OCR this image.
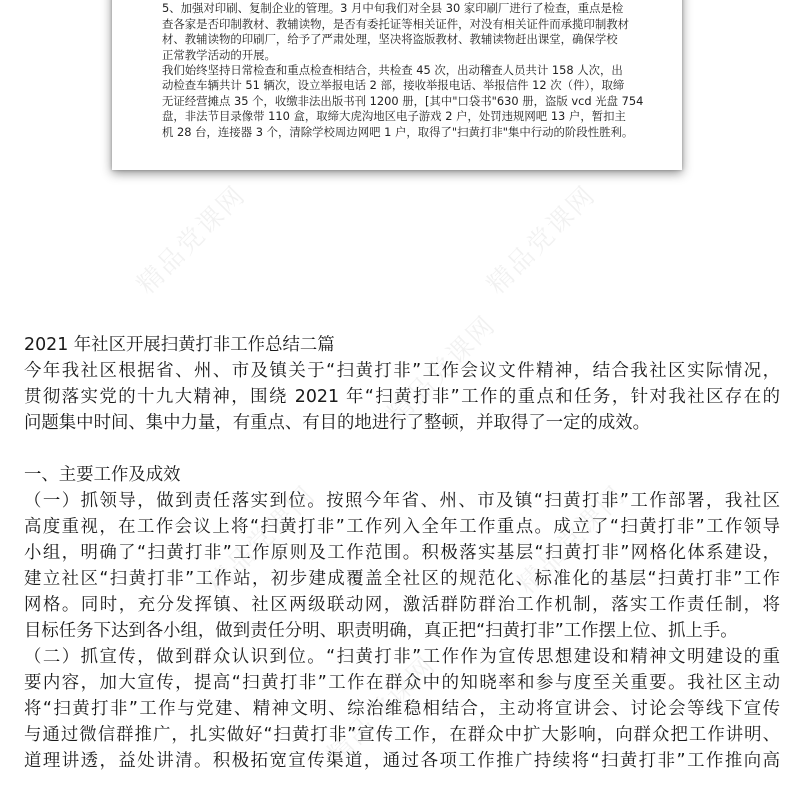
精品党课网	精品党课网
精品党课网
精品党课网	精品党课网
精品党课网

5、加强对印刷、复制企业的管理。3 月中旬我们对全县 30 家印刷厂进行了检查，重点是检

查各家是否印制教材、教辅读物，是否有委托证等相关证件，对没有相关证件而承揽印制教材

材、教辅读物的印刷厂，给予了严肃处理，坚决将盗版教材、教辅读物赶出课堂，确保学校

正常教学活动的开展。

我们始终坚持日常检查和重点检查相结合，共检查 45 次，出动稽查人员共计 158 人次，出

动检查车辆共计 51 辆次，设立举报电话 2 部，接收举报电话、举报信件 12 次（件），取缔

无证经营摊点 35 个，收缴非法出版书刊 1200 册，[其中"口袋书"630 册，盗版 vcd 光盘 754

盘，非法节目录像带 110 盒，取缔大虎沟地区电子游戏 2 户，处罚违规网吧 13 户，暂扣主

机 28 台，连接器 3 个，清除学校周边网吧 1 户，取得了"扫黄打非"集中行动的阶段性胜利。

2021 年社区开展扫黄打非工作总结二篇

今年我社区根据省、州、市及镇关于“扫黄打非”工作会议文件精神，结合我社区实际情况，

贯彻落实党的十九大精神，围绕 2021 年“扫黄打非”工作的重点和任务，针对我社区存在的

问题集中时间、集中力量，有重点、有目的地进行了整顿，并取得了一定的成效。

一、主要工作及成效

（一）抓领导，做到责任落实到位。按照今年省、州、市及镇“扫黄打非”工作部署，我社区

高度重视，在工作会议上将“扫黄打非”工作列入全年工作重点。成立了“扫黄打非”工作领导

小组，明确了“扫黄打非”工作原则及工作范围。积极落实基层“扫黄打非”网格化体系建设，

建立社区“扫黄打非”工作站，初步建成覆盖全社区的规范化、标准化的基层“扫黄打非”工作

网格。同时，充分发挥镇、社区两级联动网，激活群防群治工作机制，落实工作责任制，将

目标任务下达到各小组，做到责任分明、职责明确，真正把“扫黄打非”工作摆上位、抓上手。

（二）抓宣传，做到群众认识到位。“扫黄打非”工作作为宣传思想建设和精神文明建设的重

要内容，加大宣传，提高“扫黄打非”工作在群众中的知晓率和参与度至关重要。我社区主动

将“扫黄打非”工作与党建、精神文明、综治维稳相结合，主动将宣讲会、讨论会等线下宣传

与通过微信群推广，扎实做好“扫黄打非”宣传工作，在群众中扩大影响，向群众把工作讲明、

道理讲透，益处讲清。积极拓宽宣传渠道，通过各项工作推广持续将“扫黄打非”工作推向高
